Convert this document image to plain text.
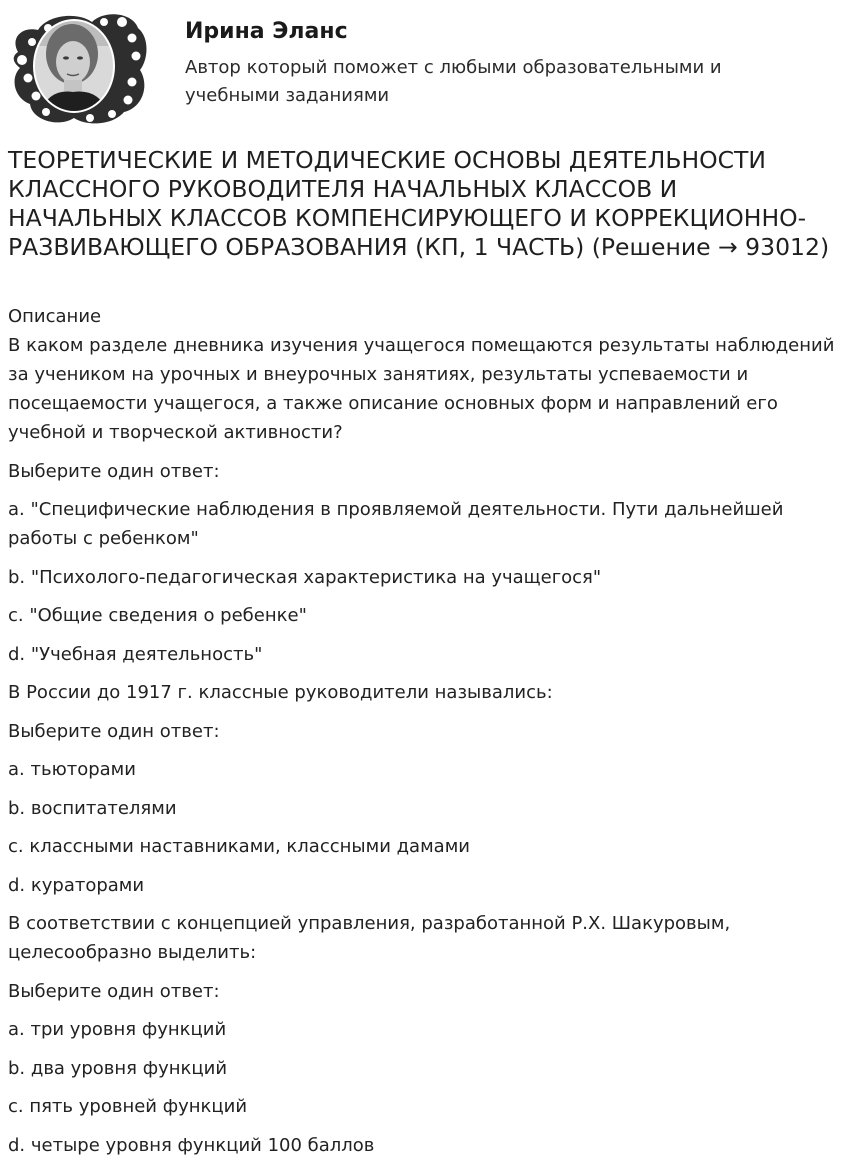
Ирина Эланс
Автор который поможет с любыми образовательными и учебными заданиями
ТЕОРЕТИЧЕСКИЕ И МЕТОДИЧЕСКИЕ ОСНОВЫ ДЕЯТЕЛЬНОСТИ КЛАССНОГО РУКОВОДИТЕЛЯ НАЧАЛЬНЫХ КЛАССОВ И НАЧАЛЬНЫХ КЛАССОВ КОМПЕНСИРУЮЩЕГО И КОРРЕКЦИОННО-РАЗВИВАЮЩЕГО ОБРАЗОВАНИЯ (КП, 1 ЧАСТЬ) (Решение → 93012)

Описание

В каком разделе дневника изучения учащегося помещаются результаты наблюдений за учеником на урочных и внеурочных занятиях, результаты успеваемости и посещаемости учащегося, а также описание основных форм и направлений его учебной и творческой активности?

Выберите один ответ:

a. "Специфические наблюдения в проявляемой деятельности. Пути дальнейшей работы с ребенком"

b. "Психолого-педагогическая характеристика на учащегося"

c. "Общие сведения о ребенке"

d. "Учебная деятельность"

В России до 1917 г. классные руководители назывались:

Выберите один ответ:

a. тьюторами

b. воспитателями

c. классными наставниками, классными дамами

d. кураторами

В соответствии с концепцией управления, разработанной Р.Х. Шакуровым, целесообразно выделить:

Выберите один ответ:

a. три уровня функций

b. два уровня функций

c. пять уровней функций

d. четыре уровня функций 100 баллов
